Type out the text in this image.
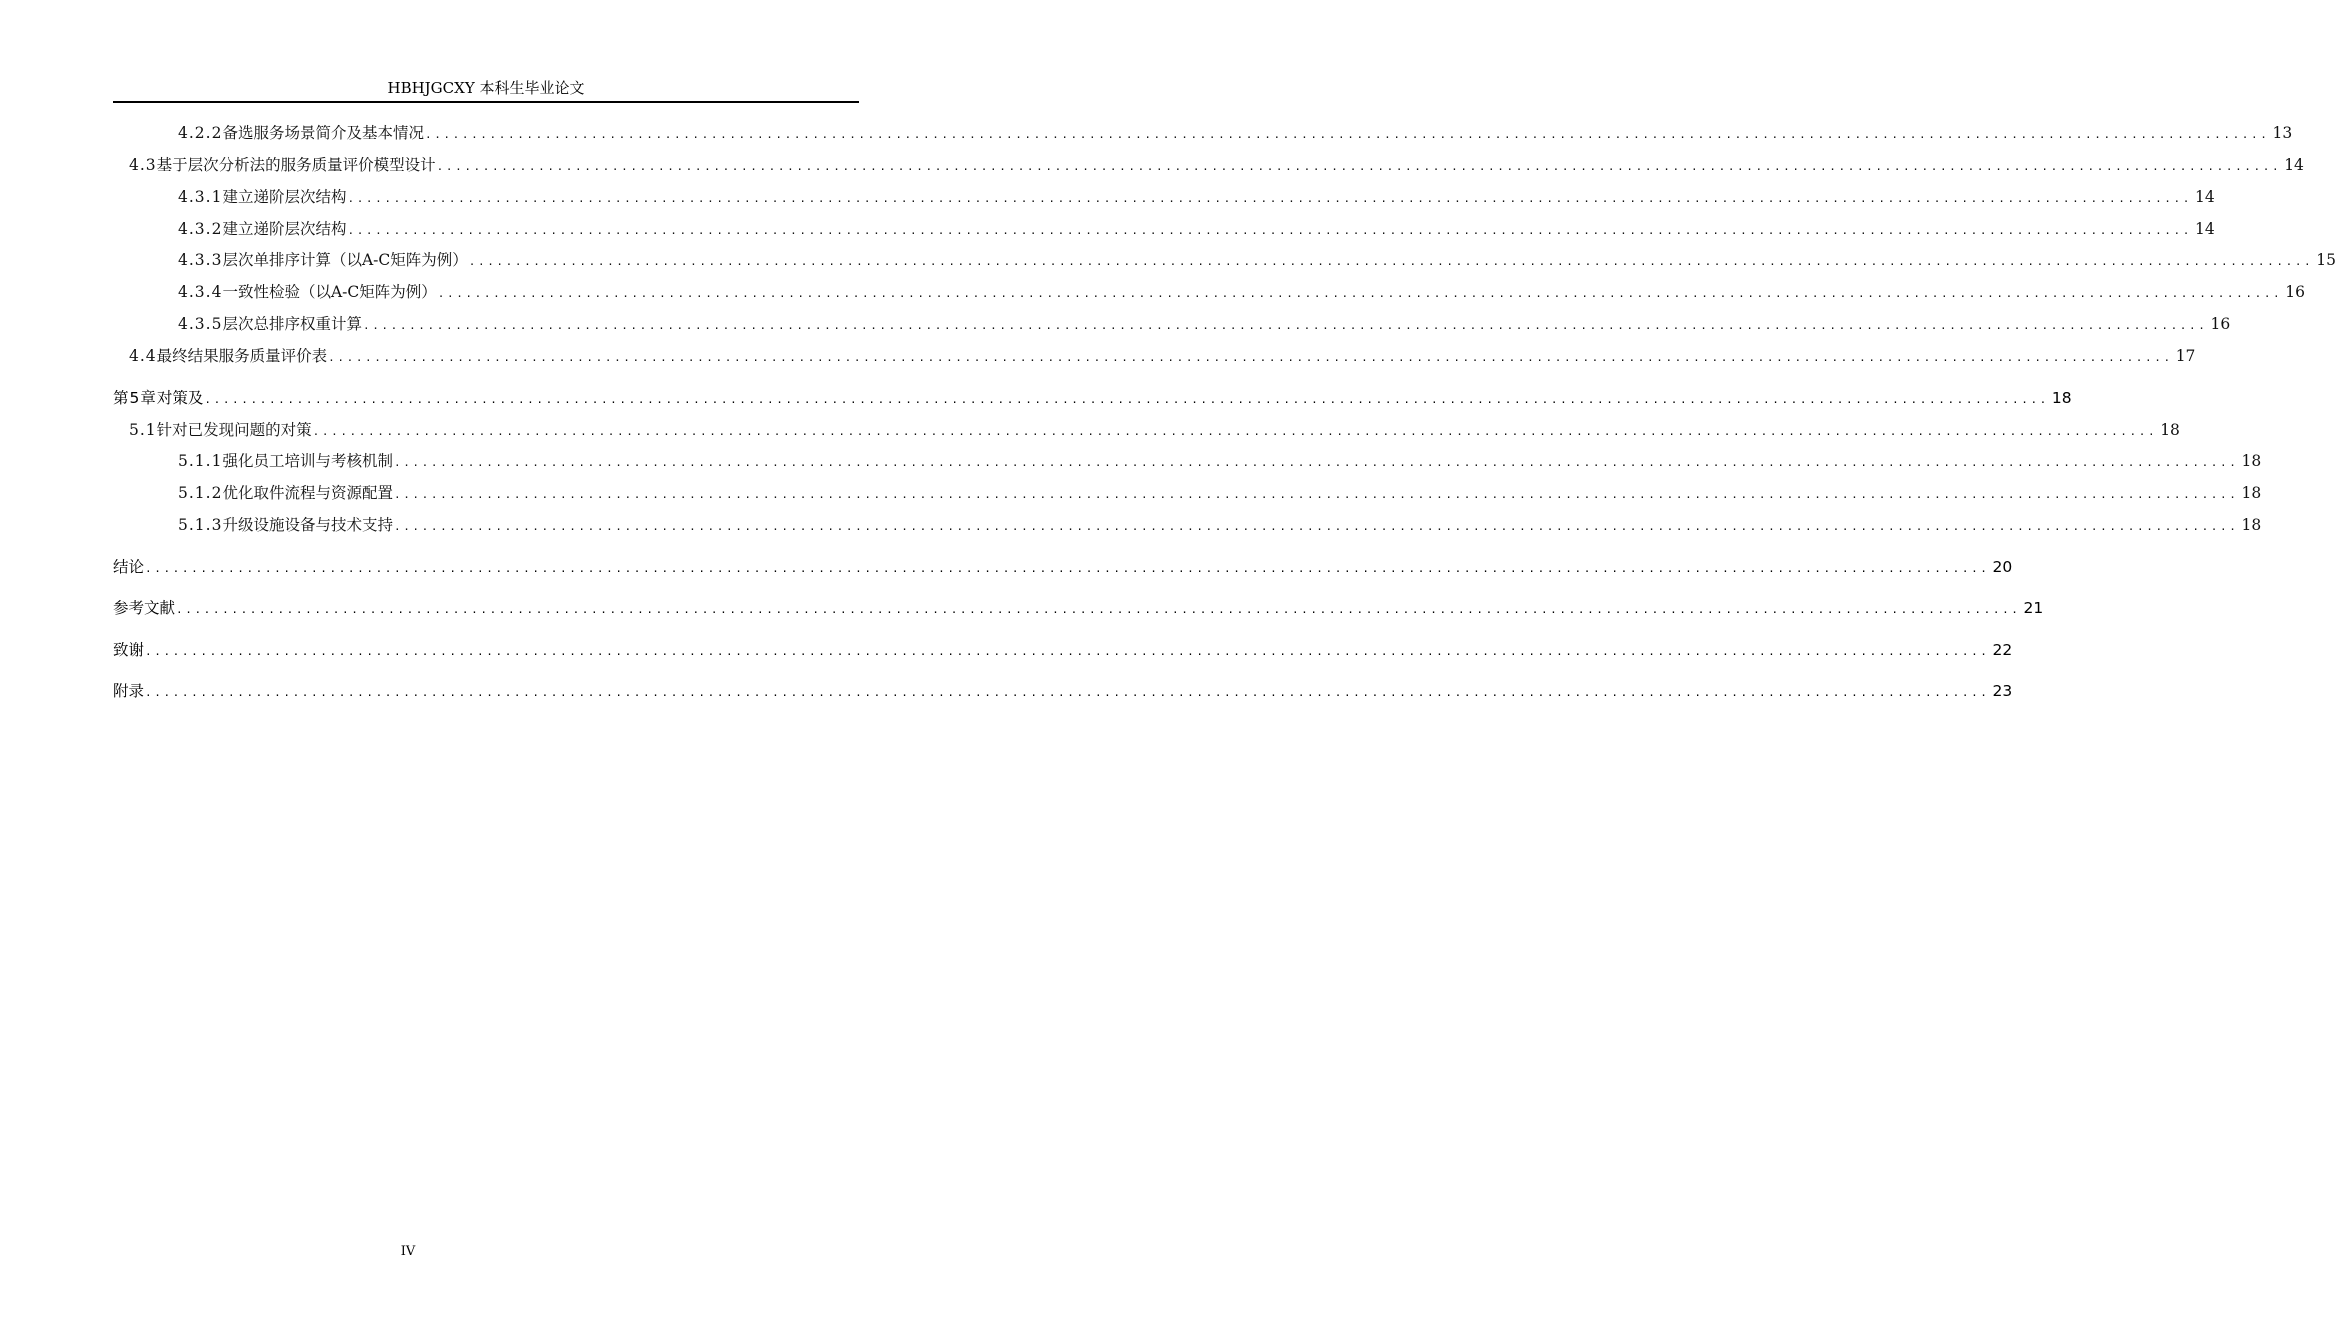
HBHJGCXY 本科生毕业论文
4.2.2 备选服务场景简介及基本情况 ........................................................................................................................................................................................................ 13
4.3 基于层次分析法的服务质量评价模型设计 ........................................................................................................................................................................................................ 14
4.3.1 建立递阶层次结构 ........................................................................................................................................................................................................ 14
4.3.2 建立递阶层次结构 ........................................................................................................................................................................................................ 14
4.3.3 层次单排序计算（以A-C矩阵为例） ........................................................................................................................................................................................................ 15
4.3.4 一致性检验（以A-C矩阵为例） ........................................................................................................................................................................................................ 16
4.3.5 层次总排序权重计算 ........................................................................................................................................................................................................ 16
4.4 最终结果服务质量评价表 ........................................................................................................................................................................................................ 17
第5章 对策及 ........................................................................................................................................................................................................ 18
5.1 针对已发现问题的对策 ........................................................................................................................................................................................................ 18
5.1.1 强化员工培训与考核机制 ........................................................................................................................................................................................................ 18
5.1.2 优化取件流程与资源配置 ........................................................................................................................................................................................................ 18
5.1.3 升级设施设备与技术支持 ........................................................................................................................................................................................................ 18
结论 ........................................................................................................................................................................................................ 20
参考文献 ........................................................................................................................................................................................................ 21
致谢 ........................................................................................................................................................................................................ 22
附录 ........................................................................................................................................................................................................ 23
IV
